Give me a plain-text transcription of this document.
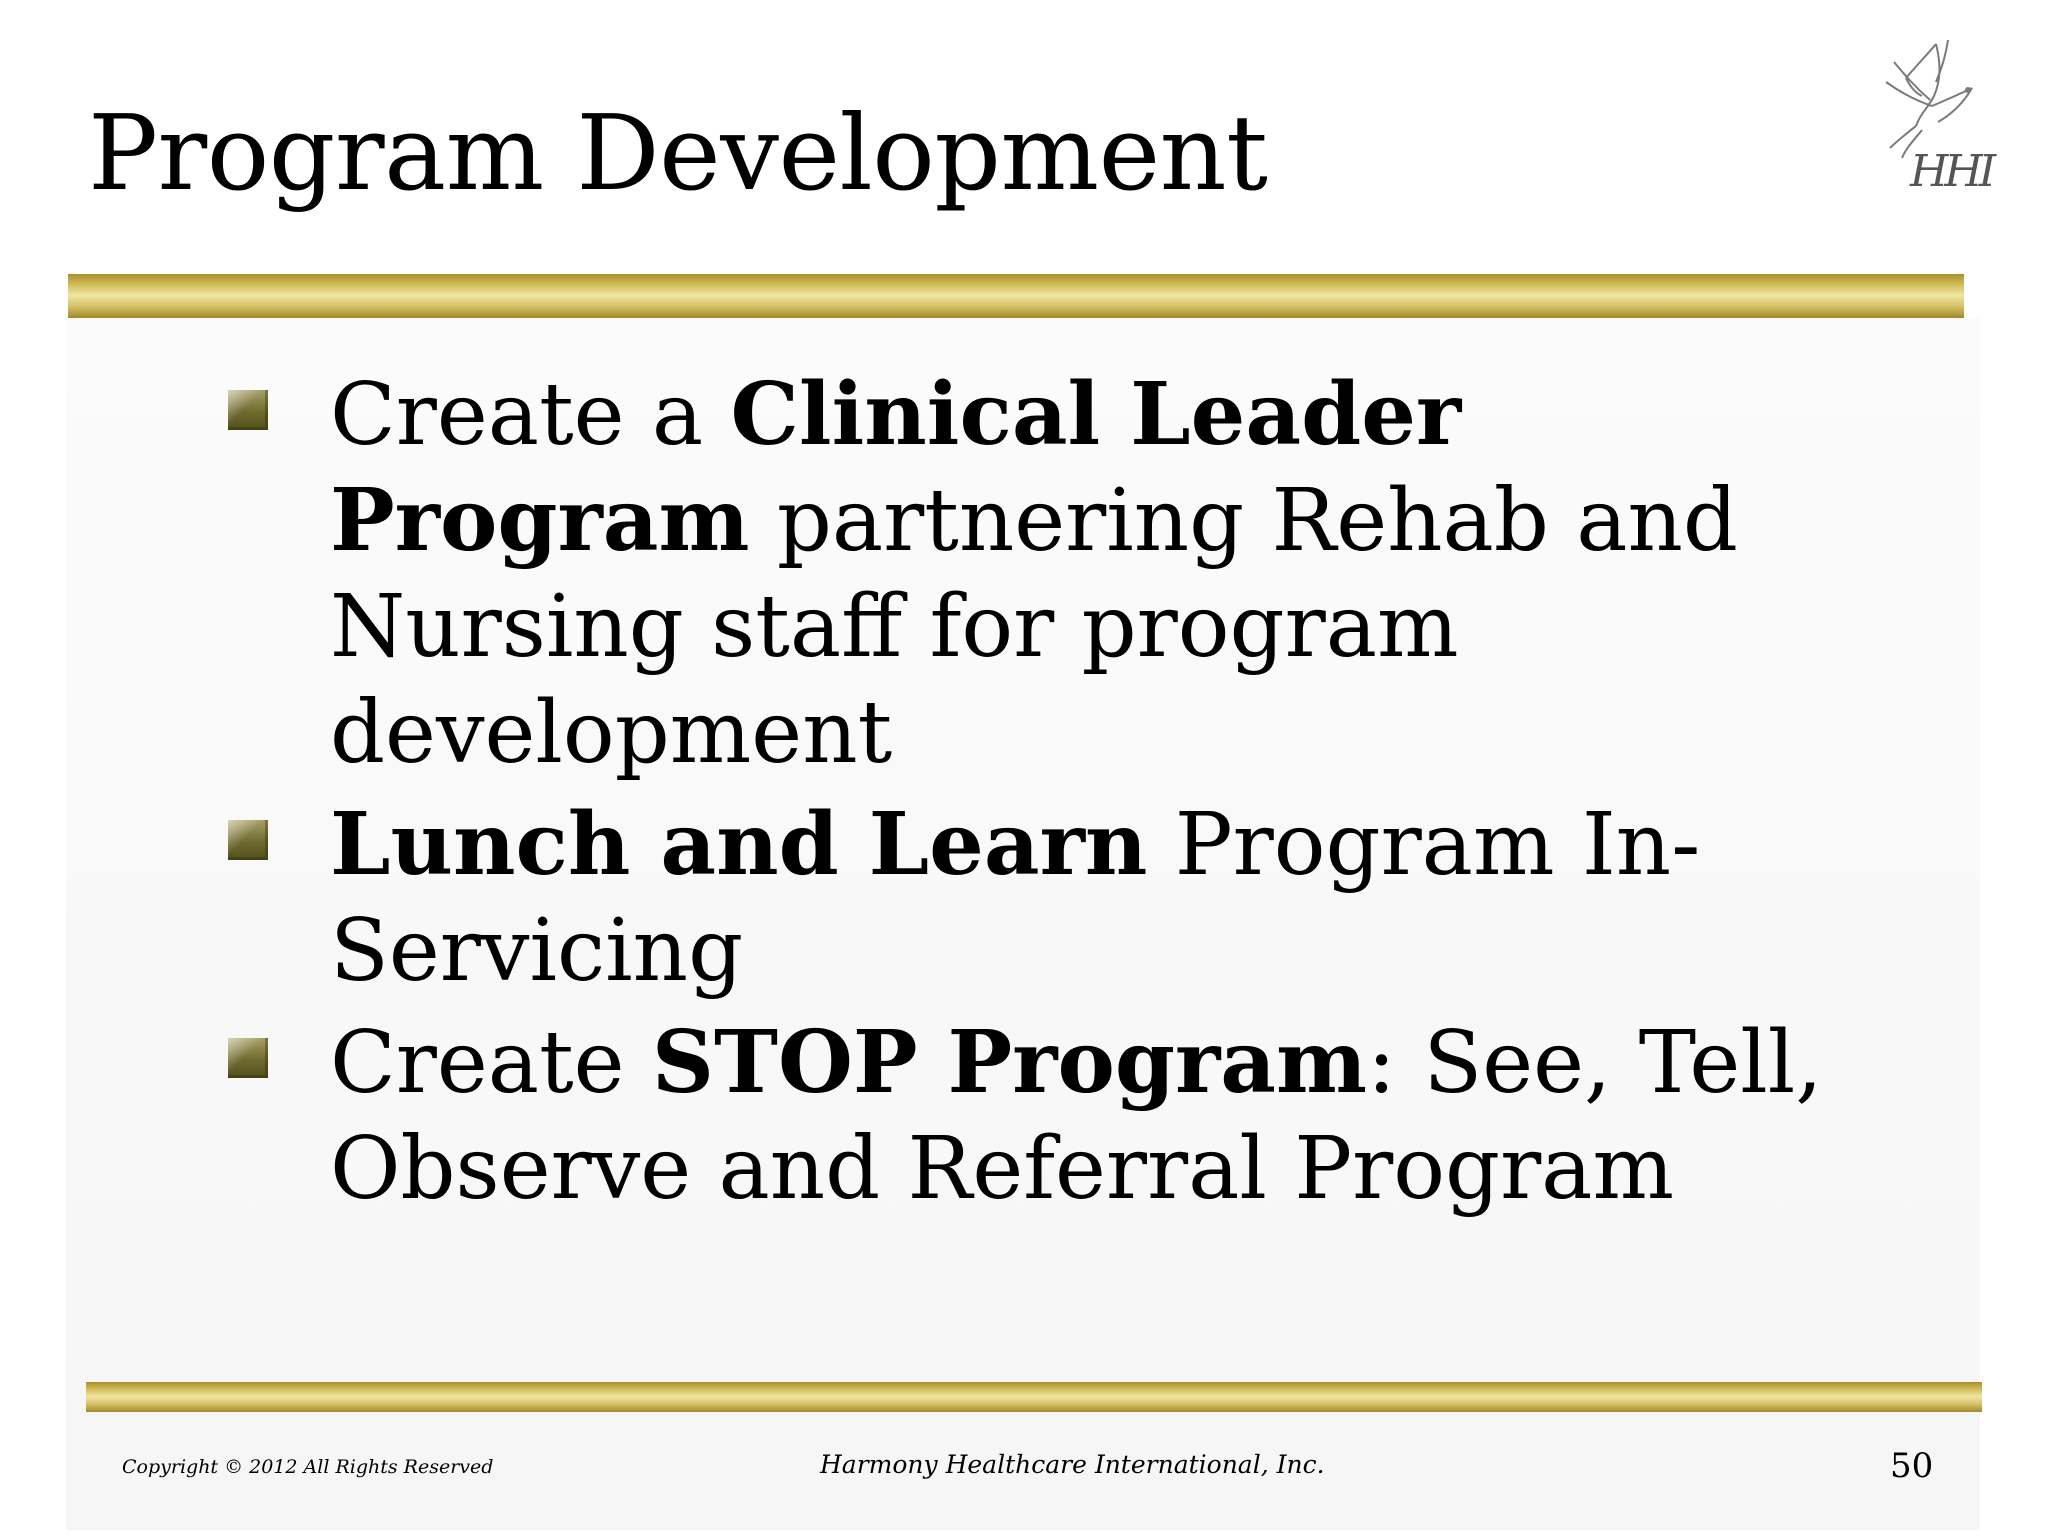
Program Development	HHI
Create a Clinical Leader Program partnering Rehab and Nursing staff for program development
Lunch and Learn Program In-Servicing
Create STOP Program: See, Tell, Observe and Referral Program
Copyright © 2012 All Rights Reserved	Harmony Healthcare International, Inc.	50
